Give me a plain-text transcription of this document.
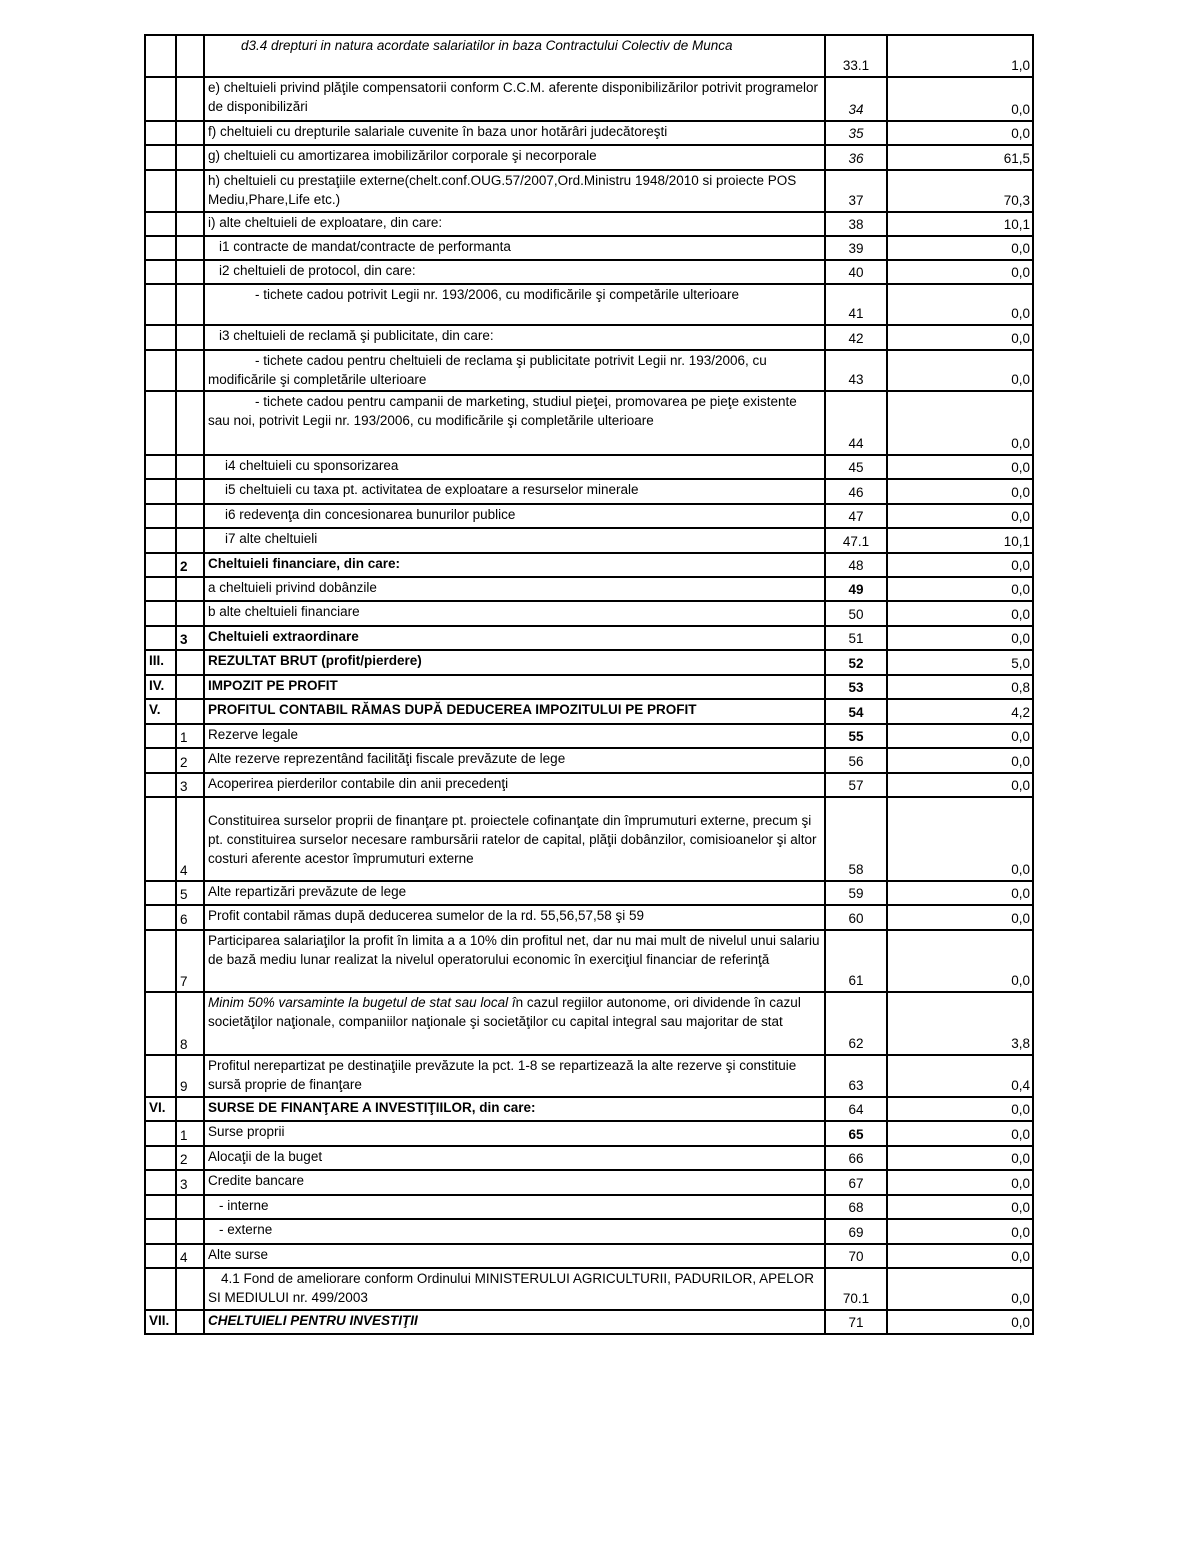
		d3.4 drepturi in natura acordate salariatilor in baza Contractului Colectiv de Munca	33.1	1,0
		e) cheltuieli privind plăţile compensatorii conform C.C.M. aferente disponibilizărilor potrivit programelor de disponibilizări	34	0,0
		f) cheltuieli cu drepturile salariale cuvenite în baza unor hotărâri judecătoreşti	35	0,0
		g) cheltuieli cu amortizarea imobilizărilor corporale şi necorporale	36	61,5
		h) cheltuieli cu prestaţiile externe(chelt.conf.OUG.57/2007,Ord.Ministru 1948/2010 si proiecte POS Mediu,Phare,Life etc.)	37	70,3
		i) alte cheltuieli de exploatare, din care:	38	10,1
		i1 contracte de mandat/contracte de performanta	39	0,0
		i2 cheltuieli de protocol, din care:	40	0,0
		- tichete cadou potrivit Legii nr. 193/2006, cu modificările şi competările ulterioare	41	0,0
		i3 cheltuieli de reclamă şi publicitate, din care:	42	0,0
		- tichete cadou pentru cheltuieli de reclama şi publicitate potrivit Legii nr. 193/2006, cu modificările şi completările ulterioare	43	0,0
		- tichete cadou pentru campanii de marketing, studiul pieţei, promovarea pe pieţe existente sau noi, potrivit Legii nr. 193/2006, cu modificările şi completările ulterioare	44	0,0
		i4 cheltuieli cu sponsorizarea	45	0,0
		i5 cheltuieli cu taxa pt. activitatea de exploatare a resurselor minerale	46	0,0
		i6 redevenţa din concesionarea bunurilor publice	47	0,0
		i7 alte cheltuieli	47.1	10,1
	2	Cheltuieli financiare, din care:	48	0,0
		a cheltuieli privind dobânzile	49	0,0
		b alte cheltuieli financiare	50	0,0
	3	Cheltuieli extraordinare	51	0,0
III.		REZULTAT BRUT (profit/pierdere)	52	5,0
IV.		IMPOZIT PE PROFIT	53	0,8
V.		PROFITUL CONTABIL RĂMAS DUPĂ DEDUCEREA IMPOZITULUI PE PROFIT	54	4,2
	1	Rezerve legale	55	0,0
	2	Alte rezerve reprezentând facilităţi fiscale prevăzute de lege	56	0,0
	3	Acoperirea pierderilor contabile din anii precedenţi	57	0,0
	4	Constituirea surselor proprii de finanţare pt. proiectele cofinanţate din împrumuturi externe, precum şi pt. constituirea surselor necesare rambursării ratelor de capital, plăţii dobânzilor, comisioanelor şi altor costuri aferente acestor împrumuturi externe	58	0,0
	5	Alte repartizări prevăzute de lege	59	0,0
	6	Profit contabil rămas după deducerea sumelor de la rd. 55,56,57,58 şi 59	60	0,0
	7	Participarea salariaţilor la profit în limita a a 10% din profitul net, dar nu mai mult de nivelul unui salariu de bază mediu lunar realizat la nivelul operatorului economic în exerciţiul financiar de referinţă	61	0,0
	8	Minim 50% varsaminte la bugetul de stat sau local în cazul regiilor autonome, ori dividende în cazul societăţilor naţionale, companiilor naţionale şi societăţilor cu capital integral sau majoritar de stat	62	3,8
	9	Profitul nerepartizat pe destinaţiile prevăzute la pct. 1-8 se repartizează la alte rezerve şi constituie sursă proprie de finanţare	63	0,4
VI.		SURSE DE FINANŢARE A INVESTIŢIILOR, din care:	64	0,0
	1	Surse proprii	65	0,0
	2	Alocaţii de la buget	66	0,0
	3	Credite bancare	67	0,0
		- interne	68	0,0
		- externe	69	0,0
	4	Alte surse	70	0,0
		4.1 Fond de ameliorare conform Ordinului MINISTERULUI AGRICULTURII, PADURILOR, APELOR SI MEDIULUI nr. 499/2003	70.1	0,0
VII.		CHELTUIELI PENTRU INVESTIŢII	71	0,0
